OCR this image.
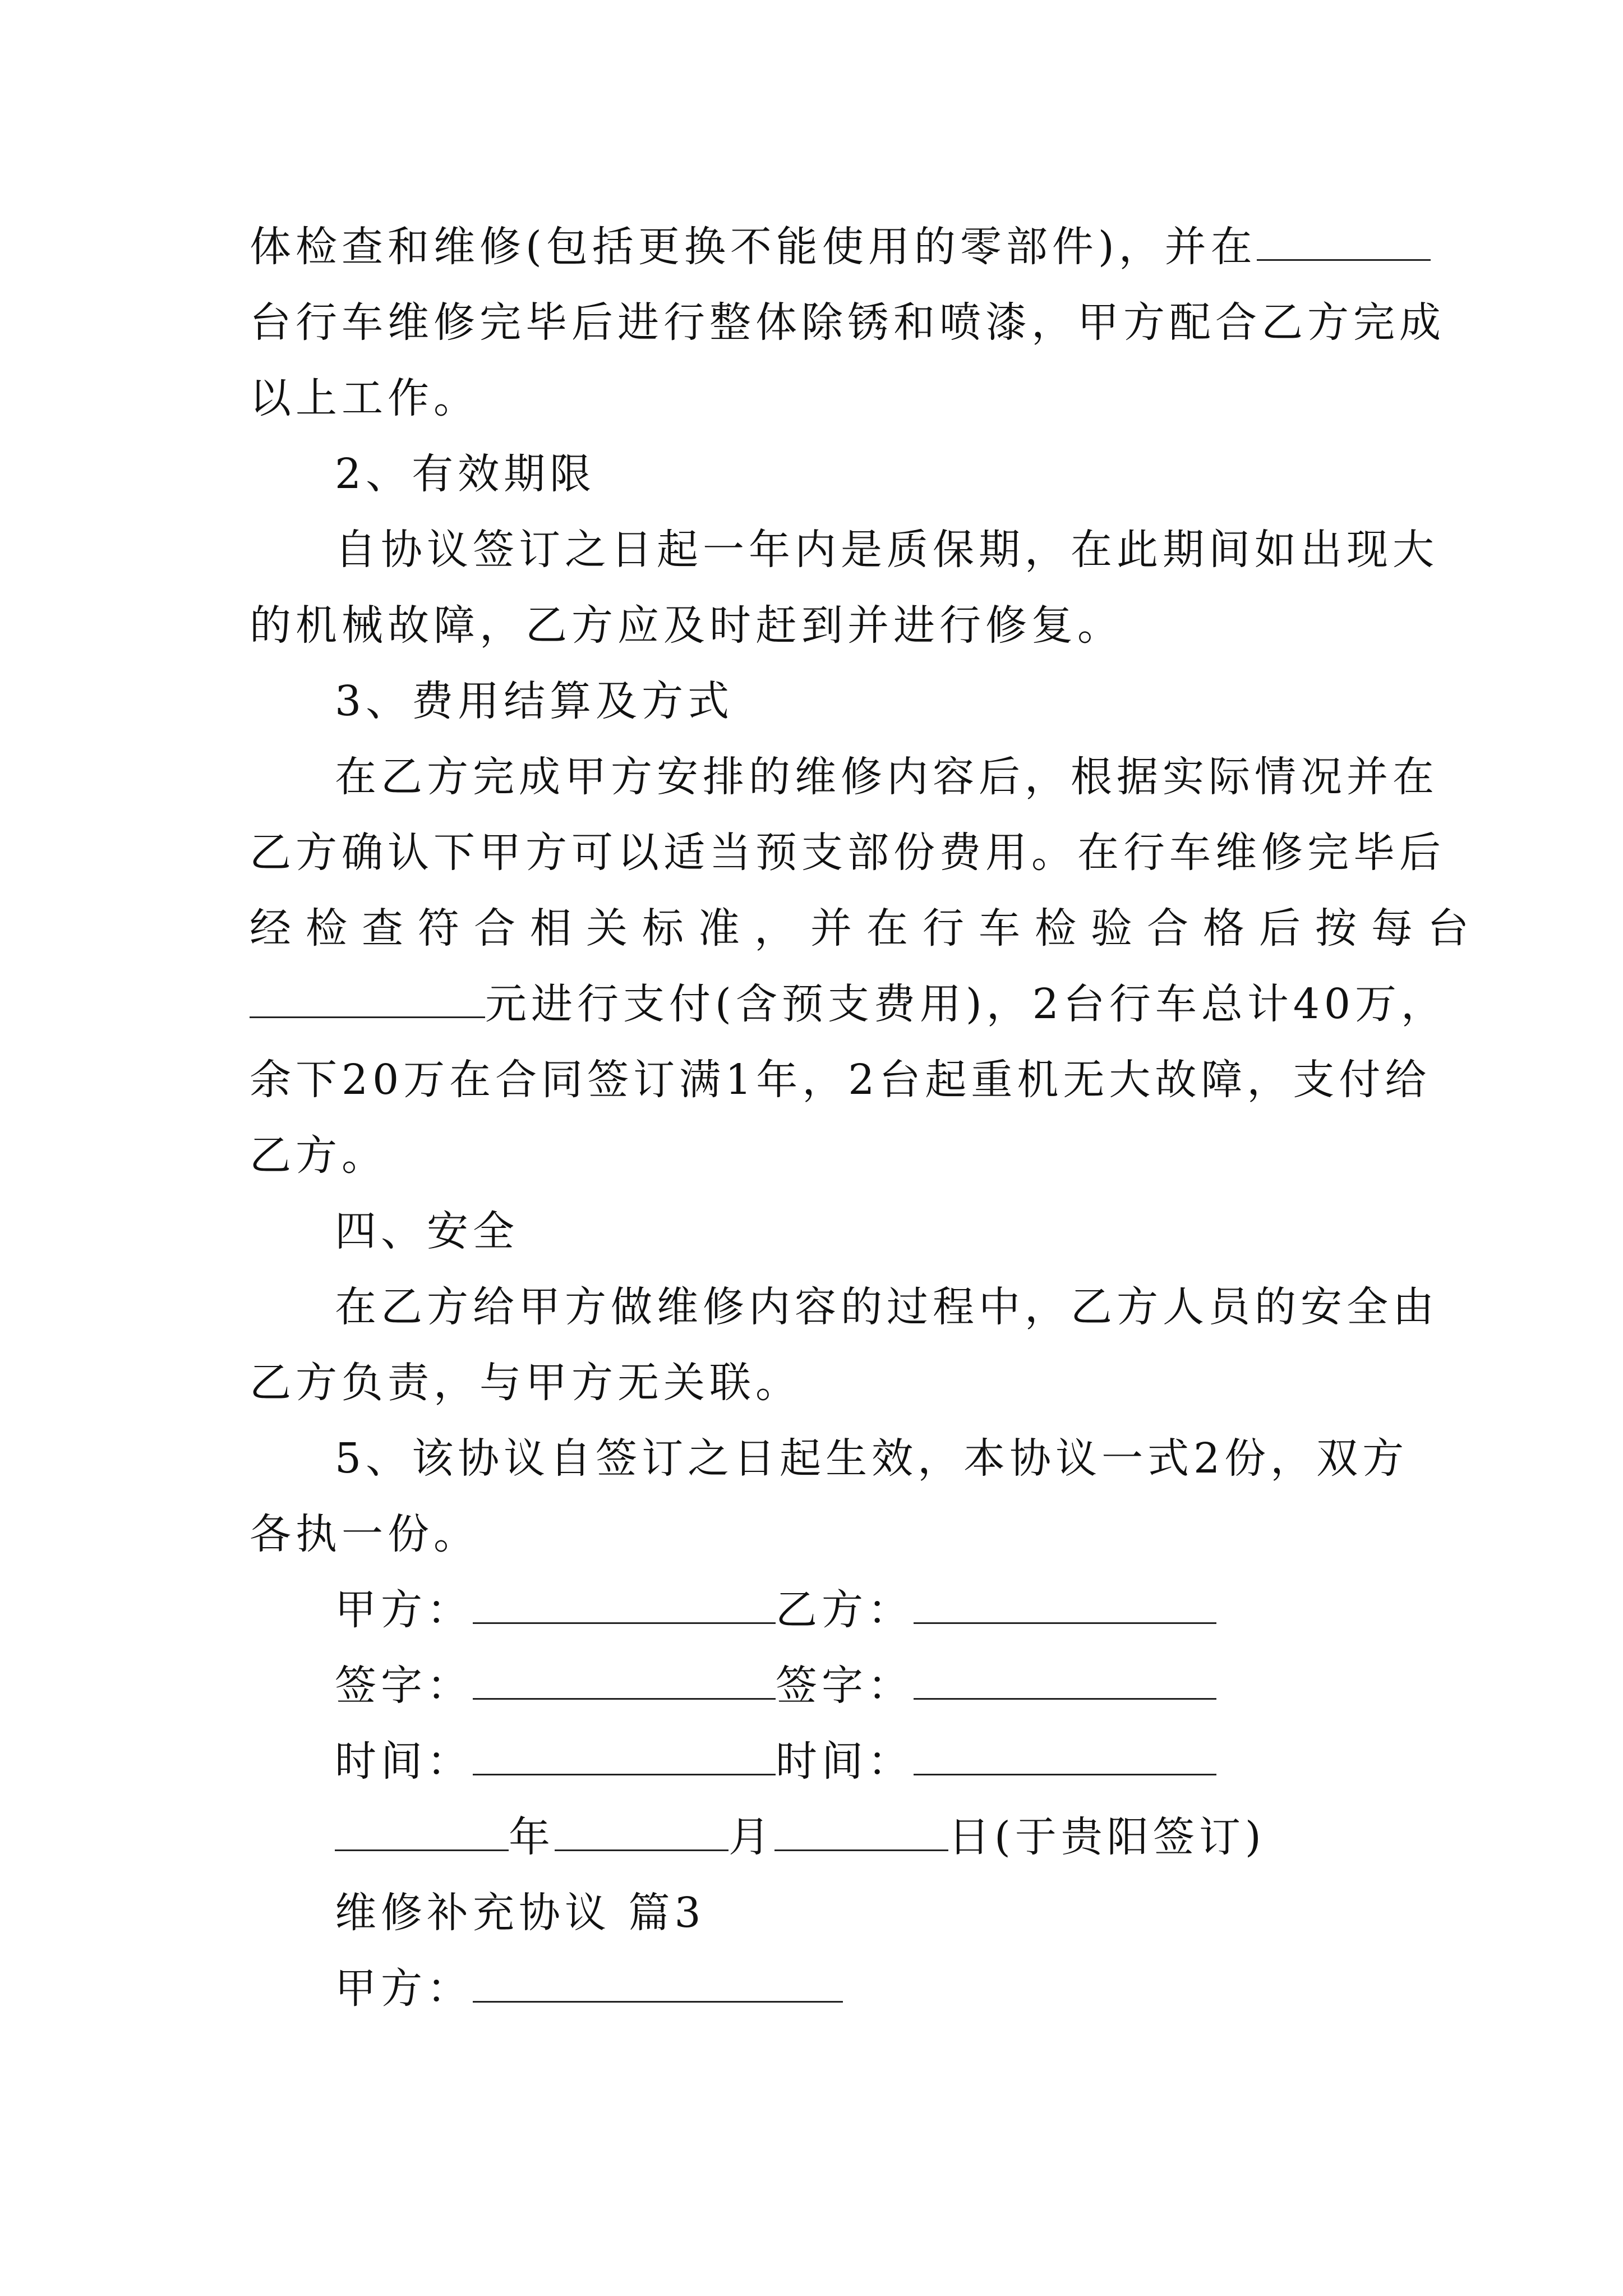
体检查和维修(包括更换不能使用的零部件)，并在
台行车维修完毕后进行整体除锈和喷漆，甲方配合乙方完成
以上工作。
2、有效期限
自协议签订之日起一年内是质保期，在此期间如出现大
的机械故障，乙方应及时赶到并进行修复。
3、费用结算及方式
在乙方完成甲方安排的维修内容后，根据实际情况并在
乙方确认下甲方可以适当预支部份费用。在行车维修完毕后
经检查符合相关标准，并在行车检验合格后按每台
元进行支付(含预支费用)，2台行车总计40万，
余下20万在合同签订满1年，2台起重机无大故障，支付给
乙方。
四、安全
在乙方给甲方做维修内容的过程中，乙方人员的安全由
乙方负责，与甲方无关联。
5、该协议自签订之日起生效，本协议一式2份，双方
各执一份。
甲方：	乙方：
签字：	签字：
时间：	时间：
年	月	日(于贵阳签订)
维修补充协议 篇3
甲方：
